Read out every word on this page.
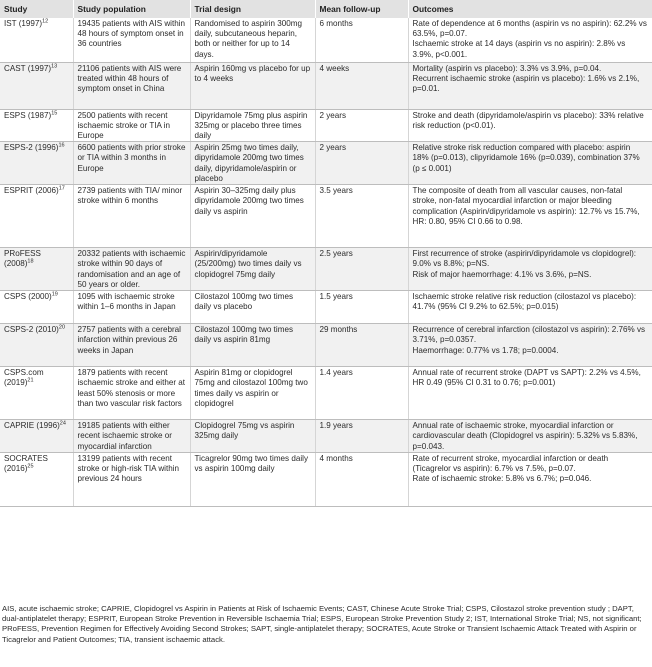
Study	Study population	Trial design	Mean follow-up	Outcomes
IST $(1997)^{12}$	19435 patients with AIS within 48 hours of symptom onset in 36 countries	Randomised to aspirin 300mg daily, subcutaneous heparin, both or neither for up to 14 days.	6 months	Rate of dependence at 6 months (aspirin vs no aspirin): 62.2% vs 63.5%, p=0.07.
Ischaemic stroke at 14 days (aspirin vs no aspirin): 2.8% vs 3.9%, p<0.001.

CAST $(1997)^{13}$	21106 patients with AIS were treated within 48 hours of symptom onset in China	Aspirin 160mg vs placebo for up to 4 weeks	4 weeks	Mortality (aspirin vs placebo): 3.3% vs 3.9%, p=0.04.
Recurrent ischaemic stroke (aspirin vs placebo): 1.6% vs 2.1%, p=0.01.

ESPS $(1987)^{15}$	2500 patients with recent ischaemic stroke or TIA in Europe	Dipyridamole 75mg plus aspirin 325mg or placebo three times daily	2 years	Stroke and death (dipyridamole/aspirin vs placebo): 33% relative risk reduction (p<0.01).

ESPS-2 $(1996)^{16}$	6600 patients with prior stroke or TIA within 3 months in Europe	Aspirin 25mg two times daily, dipyridamole 200mg two times daily, dipyridamole/aspirin or placebo	2 years	Relative stroke risk reduction compared with placebo: aspirin 18% (p=0.013), clipyridamole 16% (p=0.039), combination 37% (p ≤ 0.001)

ESPRIT $(2006)^{17}$	2739 patients with TIA/ minor stroke within 6 months	Aspirin 30–325mg daily plus dipyridamole 200mg two times daily vs aspirin	3.5 years	The composite of death from all vascular causes, non-fatal stroke, non-fatal myocardial infarction or major bleeding complication (Aspirin/dipyridamole vs aspirin): 12.7% vs 15.7%, HR: 0.80, 95% CI 0.66 to 0.98.

PRoFESS $(2008)^{18}$	20332 patients with ischaemic stroke within 90 days of randomisation and an age of 50 years or older.	Aspirin/dipyridamole (25/200mg) two times daily vs clopidogrel 75mg daily	2.5 years	First recurrence of stroke (aspirin/dipyridamole vs clopidogrel): 9.0% vs 8.8%; p=NS.
Risk of major haemorrhage: 4.1% vs 3.6%, p=NS.

CSPS $(2000)^{19}$	1095 with ischaemic stroke within 1–6 months in Japan	Cilostazol 100mg two times daily vs placebo	1.5 years	Ischaemic stroke relative risk reduction (cilostazol vs placebo): 41.7% (95% CI 9.2% to 62.5%; p=0.015)

CSPS-2 $(2010)^{20}$	2757 patients with a cerebral infarction within previous 26 weeks in Japan	Cilostazol 100mg two times daily vs aspirin 81mg	29 months	Recurrence of cerebral infarction (cilostazol vs aspirin): 2.76% vs 3.71%, p=0.0357.
Haemorrhage: 0.77% vs 1.78; p=0.0004.

CSPS.com $(2019)^{21}$	1879 patients with recent ischaemic stroke and either at least 50% stenosis or more than two vascular risk factors	Aspirin 81mg or clopidogrel 75mg and cilostazol 100mg two times daily vs aspirin or clopidogrel	1.4 years	Annual rate of recurrent stroke (DAPT vs SAPT): 2.2% vs 4.5%, HR 0.49 (95% CI 0.31 to 0.76; p=0.001)

CAPRIE $(1996)^{24}$	19185 patients with either recent ischaemic stroke or myocardial infarction	Clopidogrel 75mg vs aspirin 325mg daily	1.9 years	Annual rate of ischaemic stroke, myocardial infarction or cardiovascular death (Clopidogrel vs aspirin): 5.32% vs 5.83%, p=0.043.

SOCRATES $(2016)^{25}$	13199 patients with recent stroke or high-risk TIA within previous 24 hours	Ticagrelor 90mg two times daily vs aspirin 100mg daily	4 months	Rate of recurrent stroke, myocardial infarction or death (Ticagrelor vs aspirin): 6.7% vs 7.5%, p=0.07.
Rate of ischaemic stroke: 5.8% vs 6.7%; p=0.046.
AIS, acute ischaemic stroke; CAPRIE, Clopidogrel vs Aspirin in Patients at Risk of Ischaemic Events; CAST, Chinese Acute Stroke Trial; CSPS, Cilostazol stroke prevention study ; DAPT, dual-antiplatelet therapy; ESPRIT, European Stroke Prevention in Reversible Ischaemia Trial; ESPS, European Stroke Prevention Study 2; IST, International Stroke Trial; NS, not significant; PRoFESS, Prevention Regimen for Effectively Avoiding Second Strokes; SAPT, single-antiplatelet therapy; SOCRATES, Acute Stroke or Transient Ischaemic Attack Treated with Aspirin or Ticagrelor and Patient Outcomes; TIA, transient ischaemic attack.
